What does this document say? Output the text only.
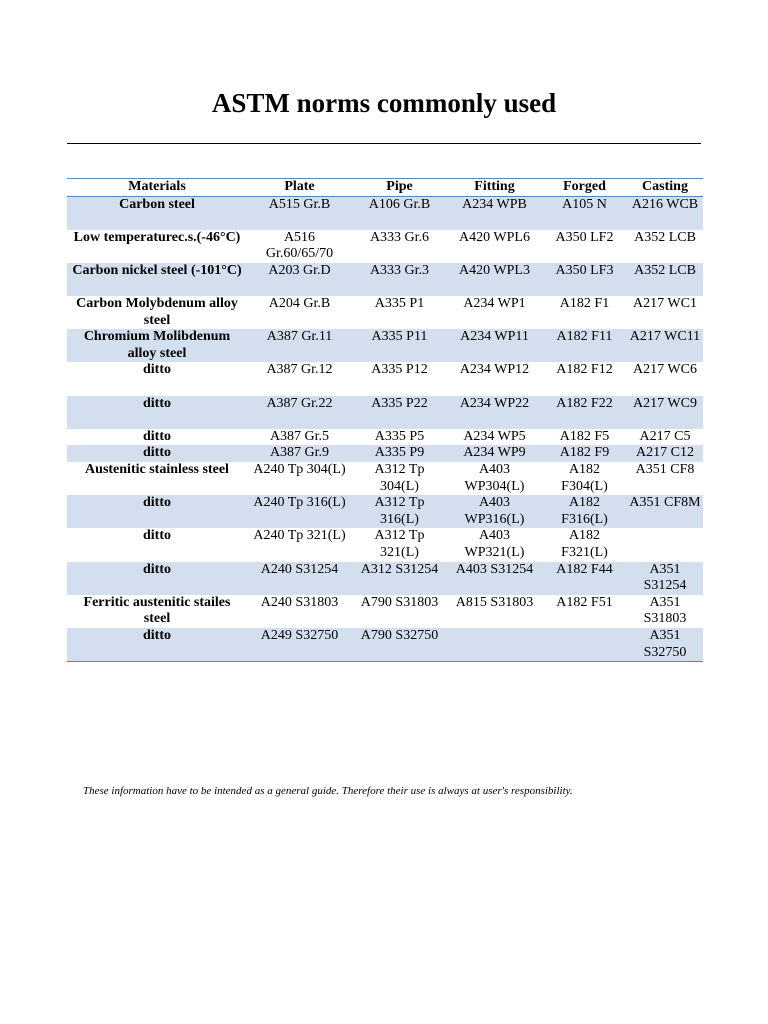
ASTM norms commonly used
Materials	Plate	Pipe	Fitting	Forged	Casting
Carbon steel	A515 Gr.B	A106 Gr.B	A234 WPB	A105 N	A216 WCB
Low temperaturec.s.(-46°C)	A516 Gr.60/65/70	A333 Gr.6	A420 WPL6	A350 LF2	A352 LCB
Carbon nickel steel (-101°C)	A203 Gr.D	A333 Gr.3	A420 WPL3	A350 LF3	A352 LCB
Carbon Molybdenum alloy steel	A204 Gr.B	A335 P1	A234 WP1	A182 F1	A217 WC1
Chromium Molibdenum alloy steel	A387 Gr.11	A335 P11	A234 WP11	A182 F11	A217 WC11
ditto	A387 Gr.12	A335 P12	A234 WP12	A182 F12	A217 WC6
ditto	A387 Gr.22	A335 P22	A234 WP22	A182 F22	A217 WC9
ditto	A387 Gr.5	A335 P5	A234 WP5	A182 F5	A217 C5
ditto	A387 Gr.9	A335 P9	A234 WP9	A182 F9	A217 C12
Austenitic stainless steel	A240 Tp 304(L)	A312 Tp 304(L)	A403 WP304(L)	A182 F304(L)	A351 CF8
ditto	A240 Tp 316(L)	A312 Tp 316(L)	A403 WP316(L)	A182 F316(L)	A351 CF8M
ditto	A240 Tp 321(L)	A312 Tp 321(L)	A403 WP321(L)	A182 F321(L)	
ditto	A240 S31254	A312 S31254	A403 S31254	A182 F44	A351 S31254
Ferritic austenitic stailes steel	A240 S31803	A790 S31803	A815 S31803	A182 F51	A351 S31803
ditto	A249 S32750	A790 S32750			A351 S32750

These information have to be intended as a general guide. Therefore their use is always at user's responsibility.
